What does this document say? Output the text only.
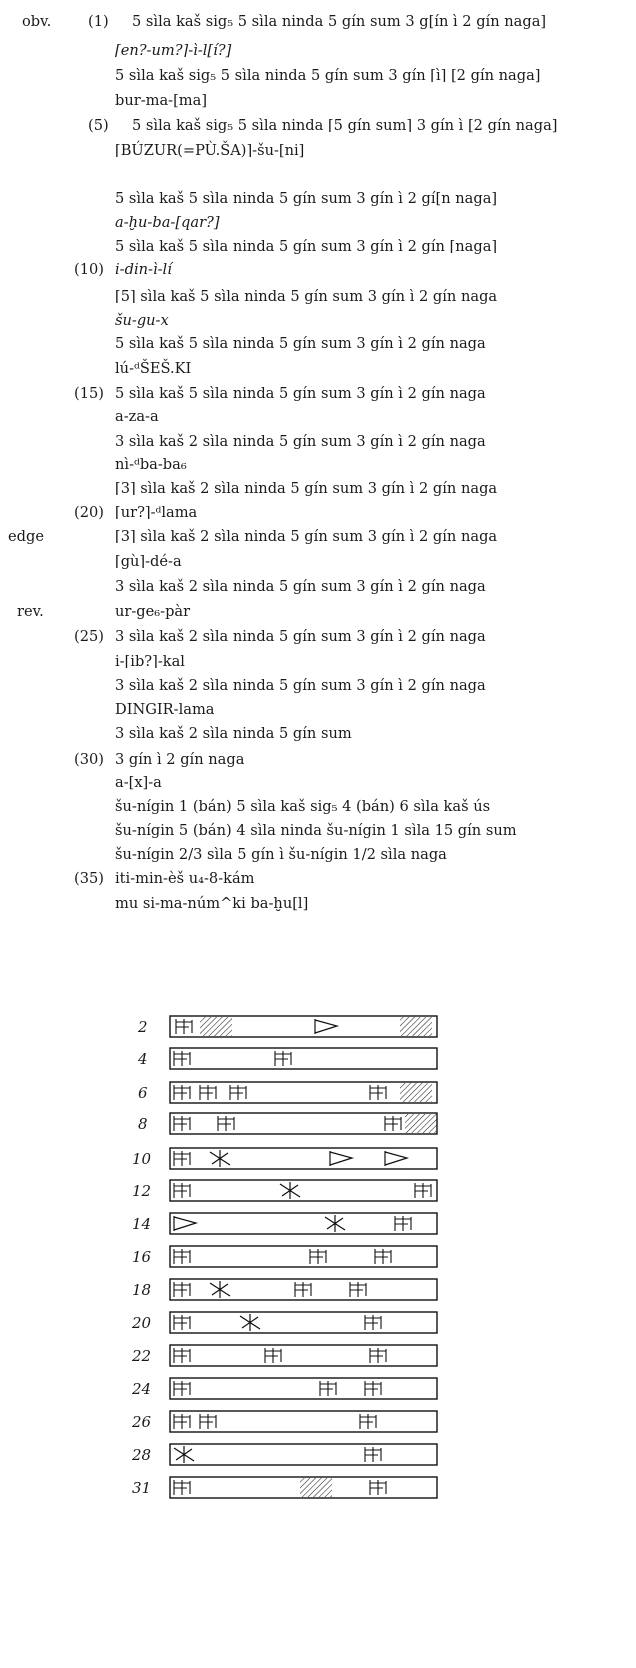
obv.
edge
rev.
(1) 5 sìla kaš sig₅ 5 sìla ninda 5 gín sum 3 g[ín ì 2 gín naga]
⌈en?-um?⌉-ì-l[í?]
5 sìla kaš sig₅ 5 sìla ninda 5 gín sum 3 gín ⌈ì⌉ [2 gín naga]
bur-ma-[ma]
(5) 5 sìla kaš sig₅ 5 sìla ninda ⌈5 gín sum⌉ 3 gín ì [2 gín naga]
⌈BÚZUR(=PÙ.ŠA)⌉-šu-[ni]
5 sìla kaš 5 sìla ninda 5 gín sum 3 gín ì 2 gí[n naga]
a-ḫu-ba-[qar?]
5 sìla kaš 5 sìla ninda 5 gín sum 3 gín ì 2 gín ⌈naga⌉
(10) i-din-ì-lí
⌈5⌉ sìla kaš 5 sìla ninda 5 gín sum 3 gín ì 2 gín naga
šu-gu-x
5 sìla kaš 5 sìla ninda 5 gín sum 3 gín ì 2 gín naga
lú-ᵈŠEŠ.KI
(15) 5 sìla kaš 5 sìla ninda 5 gín sum 3 gín ì 2 gín naga
a-za-a
3 sìla kaš 2 sìla ninda 5 gín sum 3 gín ì 2 gín naga
nì-ᵈba-ba₆
⌈3⌉ sìla kaš 2 sìla ninda 5 gín sum 3 gín ì 2 gín naga
(20) ⌈ur?⌉-ᵈlama
⌈3⌉ sìla kaš 2 sìla ninda 5 gín sum 3 gín ì 2 gín naga
⌈gù⌉-dé-a
3 sìla kaš 2 sìla ninda 5 gín sum 3 gín ì 2 gín naga
ur-ge₆-pàr
(25) 3 sìla kaš 2 sìla ninda 5 gín sum 3 gín ì 2 gín naga
i-⌈ib?⌉-kal
3 sìla kaš 2 sìla ninda 5 gín sum 3 gín ì 2 gín naga
DINGIR-lama
3 sìla kaš 2 sìla ninda 5 gín sum
(30) 3 gín ì 2 gín naga
a-[x]-a
šu-nígin 1 (bán) 5 sìla kaš sig₅ 4 (bán) 6 sìla kaš ús
šu-nígin 5 (bán) 4 sìla ninda šu-nígin 1 sìla 15 gín sum
šu-nígin 2/3 sìla 5 gín ì šu-nígin 1/2 sìla naga
(35) iti-min-èš u₄-8-kám
mu si-ma-núm^ki ba-ḫu[l]
2
4
6
8
10
12
14
16
18
20
22
24
26
28
31
